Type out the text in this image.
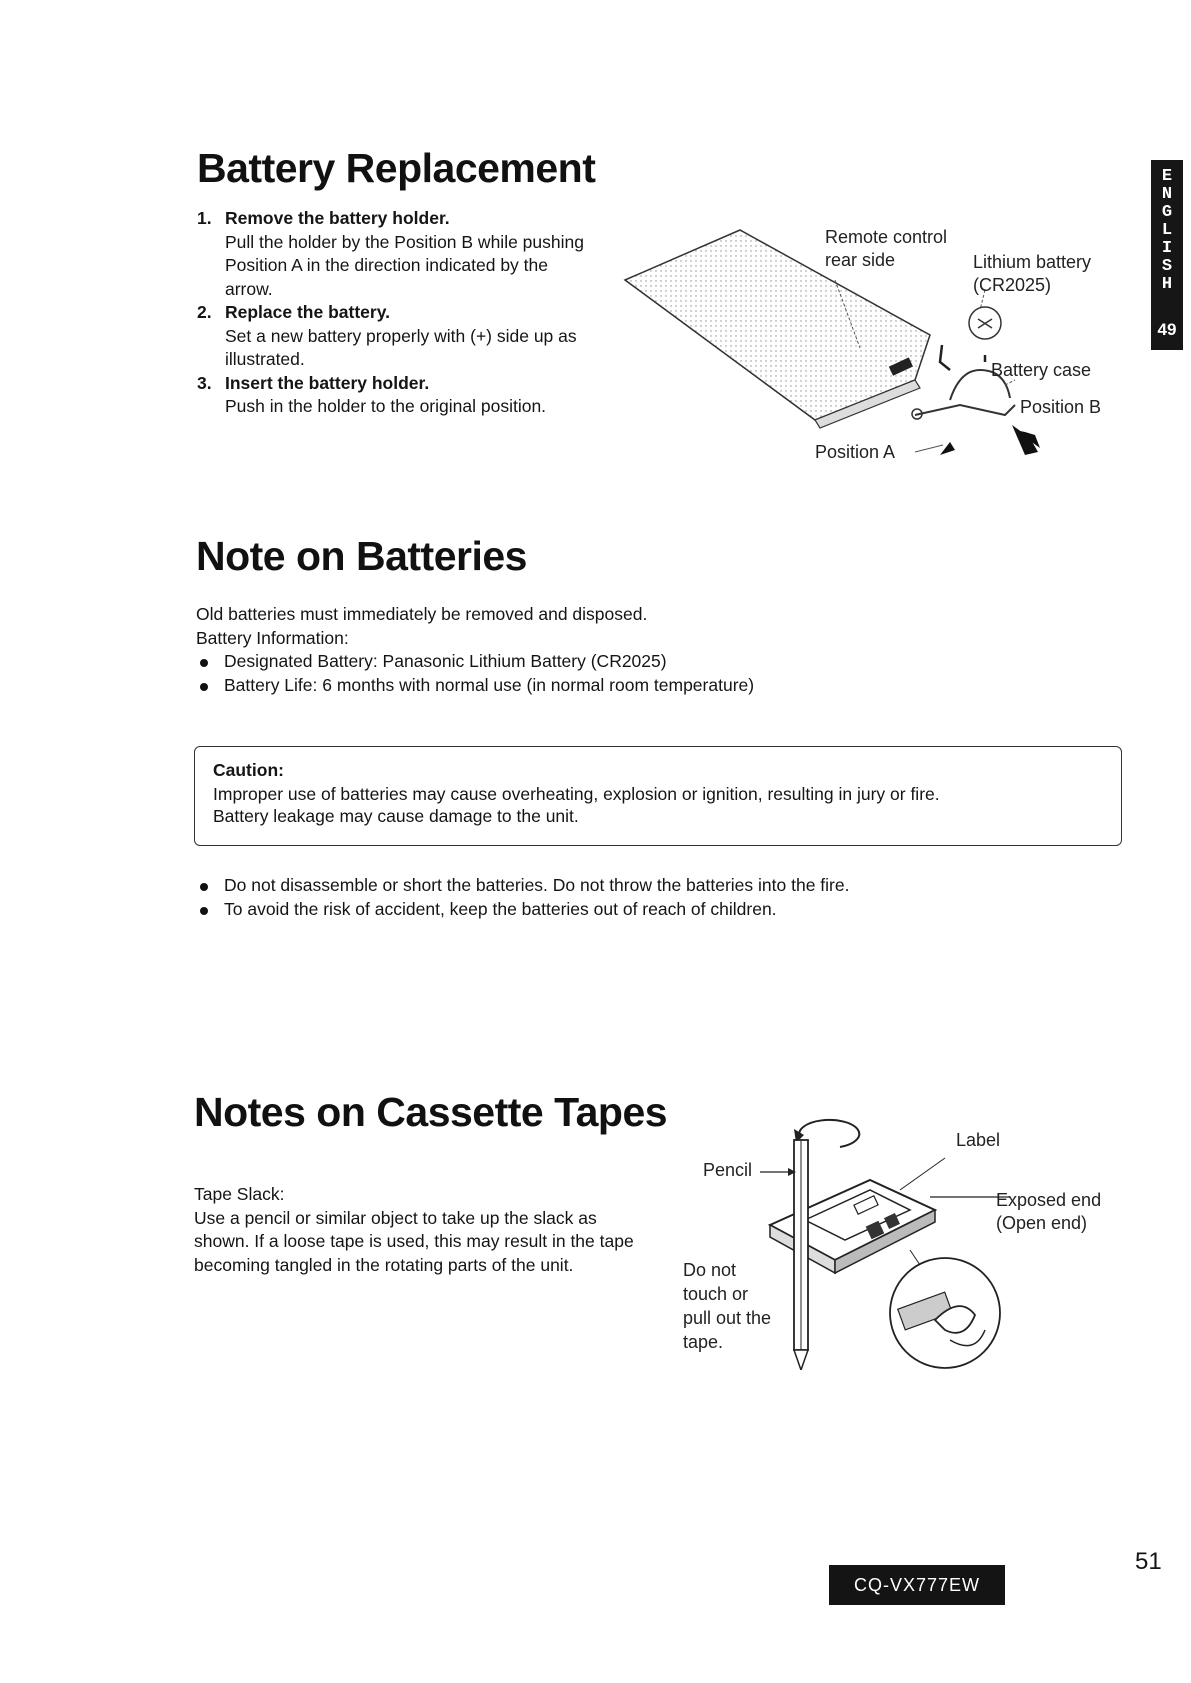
E
N
G
L
I
S
H
49
Battery Replacement
1. Remove the battery holder.
Pull the holder by the Position B while pushing Position A in the direction indicated by the arrow.
2. Replace the battery.
Set a new battery properly with (+) side up as illustrated.
3. Insert the battery holder.
Push in the holder to the original position.
Remote control
rear side	Lithium battery
(CR2025)
Battery case
Position B
Position A
Note on Batteries
Old batteries must immediately be removed and disposed.
Battery Information:
Designated Battery: Panasonic Lithium Battery (CR2025)
Battery Life: 6 months with normal use (in normal room temperature)
Caution:
Improper use of batteries may cause overheating, explosion or ignition, resulting in jury or fire.
Battery leakage may cause damage to the unit.
Do not disassemble or short the batteries. Do not throw the batteries into the fire.
To avoid the risk of accident, keep the batteries out of reach of children.
Notes on Cassette Tapes
Tape Slack:
Use a pencil or similar object to take up the slack as shown. If a loose tape is used, this may result in the tape becoming tangled in the rotating parts of the unit.
Pencil
Label
Exposed end
(Open end)
Do not
touch or
pull out the
tape.
CQ-VX777EW
51
